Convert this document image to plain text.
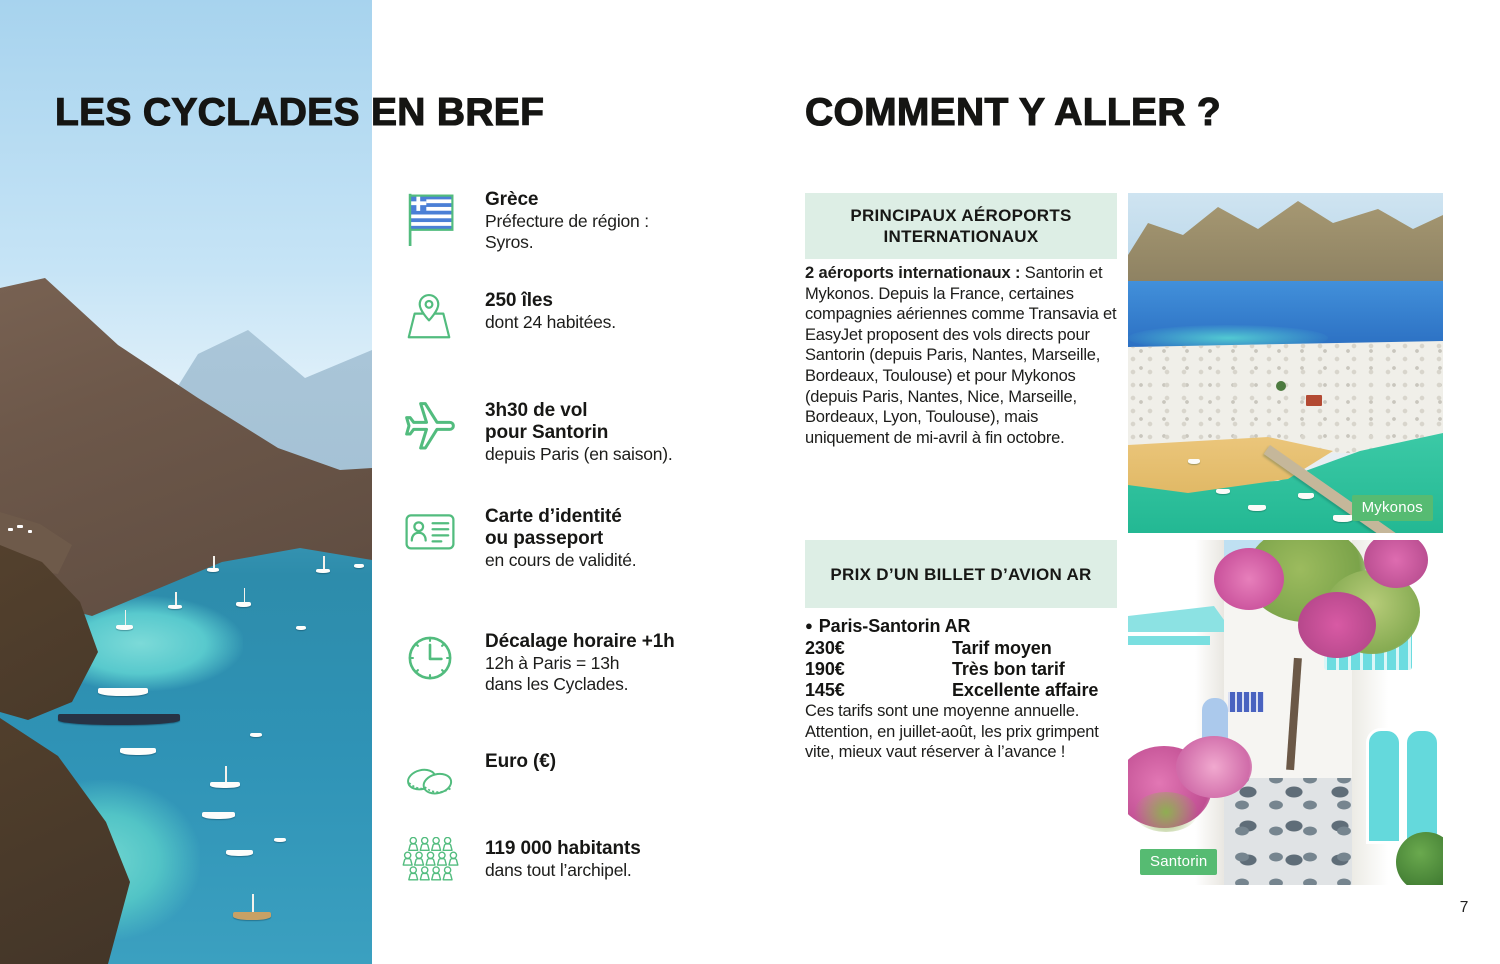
LES CYCLADES EN BREF
Grèce
Préfecture de région :
Syros.
250 îles
dont 24 habitées.
3h30 de vol
pour Santorin
depuis Paris (en saison).
Carte d’identité
ou passeport
en cours de validité.
Décalage horaire +1h
12h à Paris = 13h
dans les Cyclades.
Euro (€)
119 000 habitants
dans tout l’archipel.
COMMENT Y ALLER ?
PRINCIPAUX AÉROPORTS INTERNATIONAUX

2 aéroports internationaux : Santorin et Mykonos. Depuis la France, certaines compagnies aériennes comme Transavia et EasyJet proposent des vols directs pour Santorin (depuis Paris, Nantes, Marseille, Bordeaux, Toulouse) et pour Mykonos (depuis Paris, Nantes, Nice, Marseille, Bordeaux, Lyon, Toulouse), mais uniquement de mi-avril à fin octobre.

Mykonos
PRIX D’UN BILLET D’AVION AR
● Paris-Santorin AR
230€	Tarif moyen
190€	Très bon tarif
145€	Excellente affaire

Ces tarifs sont une moyenne annuelle. Attention, en juillet-août, les prix grimpent vite, mieux vaut réserver à l’avance !

Santorin
7
